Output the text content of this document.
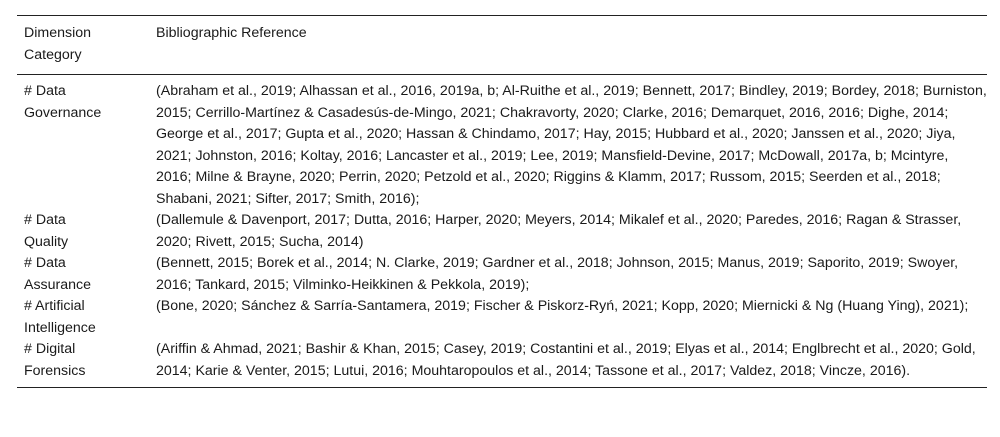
Dimension Category	Bibliographic Reference
# Data Governance	(Abraham et al., 2019; Alhassan et al., 2016, 2019a, b; Al-Ruithe et al., 2019; Bennett, 2017; Bindley, 2019; Bordey, 2018; Burniston, 2015; Cerrillo-Martínez & Casadesús-de-Mingo, 2021; Chakravorty, 2020; Clarke, 2016; Demarquet, 2016, 2016; Dighe, 2014; George et al., 2017; Gupta et al., 2020; Hassan & Chindamo, 2017; Hay, 2015; Hubbard et al., 2020; Janssen et al., 2020; Jiya, 2021; Johnston, 2016; Koltay, 2016; Lancaster et al., 2019; Lee, 2019; Mansfield-Devine, 2017; McDowall, 2017a, b; Mcintyre, 2016; Milne & Brayne, 2020; Perrin, 2020; Petzold et al., 2020; Riggins & Klamm, 2017; Russom, 2015; Seerden et al., 2018; Shabani, 2021; Sifter, 2017; Smith, 2016);
# Data Quality	(Dallemule & Davenport, 2017; Dutta, 2016; Harper, 2020; Meyers, 2014; Mikalef et al., 2020; Paredes, 2016; Ragan & Strasser, 2020; Rivett, 2015; Sucha, 2014)
# Data Assurance	(Bennett, 2015; Borek et al., 2014; N. Clarke, 2019; Gardner et al., 2018; Johnson, 2015; Manus, 2019; Saporito, 2019; Swoyer, 2016; Tankard, 2015; Vilminko-Heikkinen & Pekkola, 2019);
# Artificial Intelligence	(Bone, 2020; Sánchez & Sarría-Santamera, 2019; Fischer & Piskorz-Ryń, 2021; Kopp, 2020; Miernicki & Ng (Huang Ying), 2021);
# Digital Forensics	(Ariffin & Ahmad, 2021; Bashir & Khan, 2015; Casey, 2019; Costantini et al., 2019; Elyas et al., 2014; Englbrecht et al., 2020; Gold, 2014; Karie & Venter, 2015; Lutui, 2016; Mouhtaropoulos et al., 2014; Tassone et al., 2017; Valdez, 2018; Vincze, 2016).
